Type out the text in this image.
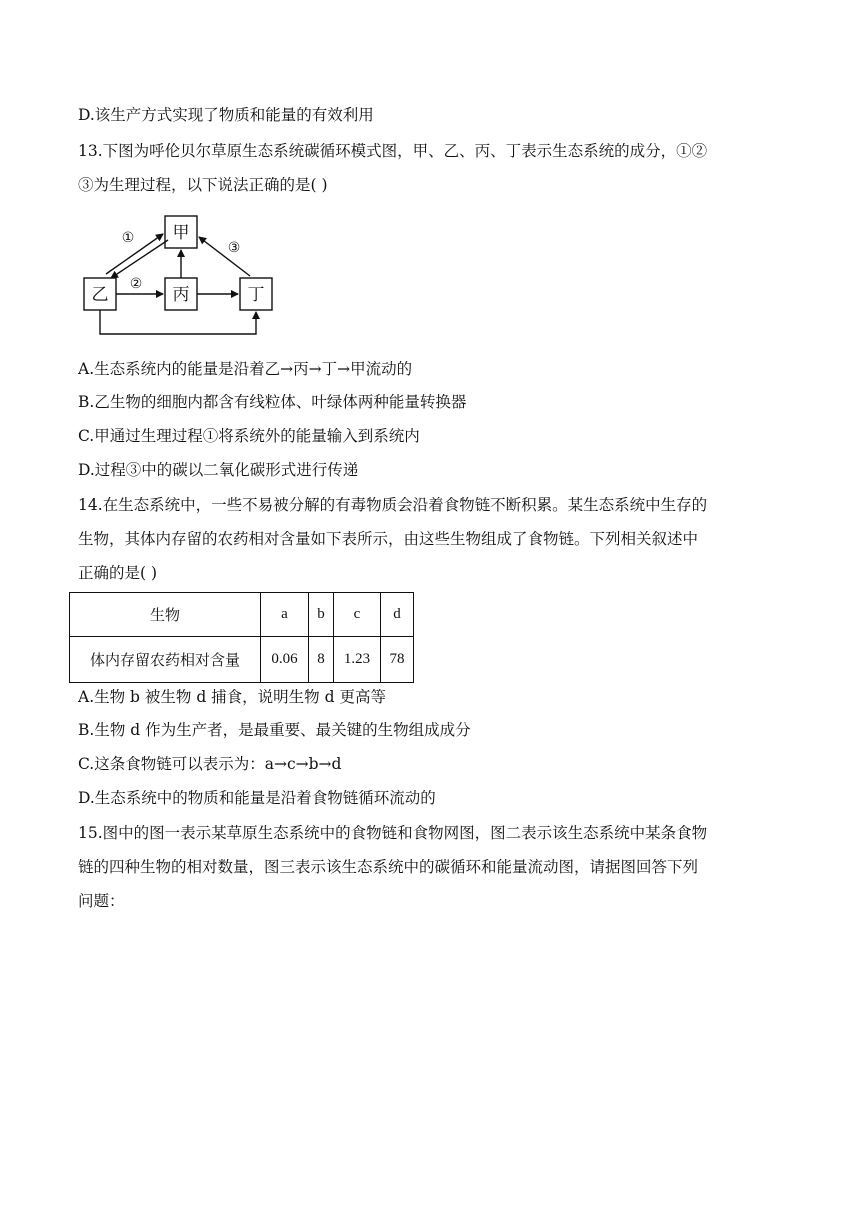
D.该生产方式实现了物质和能量的有效利用
13.下图为呼伦贝尔草原生态系统碳循环模式图，甲、乙、丙、丁表示生态系统的成分，①②
③为生理过程，以下说法正确的是( )
甲
乙	丙	丁
①
②
③
A.生态系统内的能量是沿着乙→丙→丁→甲流动的
B.乙生物的细胞内都含有线粒体、叶绿体两种能量转换器
C.甲通过生理过程①将系统外的能量输入到系统内
D.过程③中的碳以二氧化碳形式进行传递
14.在生态系统中，一些不易被分解的有毒物质会沿着食物链不断积累。某生态系统中生存的
生物，其体内存留的农药相对含量如下表所示，由这些生物组成了食物链。下列相关叙述中
正确的是( )
生物	a	b	c	d
体内存留农药相对含量	0.06	8	1.23	78
A.生物 b 被生物 d 捕食，说明生物 d 更高等
B.生物 d 作为生产者，是最重要、最关键的生物组成成分
C.这条食物链可以表示为：a→c→b→d
D.生态系统中的物质和能量是沿着食物链循环流动的
15.图中的图一表示某草原生态系统中的食物链和食物网图，图二表示该生态系统中某条食物
链的四种生物的相对数量，图三表示该生态系统中的碳循环和能量流动图，请据图回答下列
问题：
